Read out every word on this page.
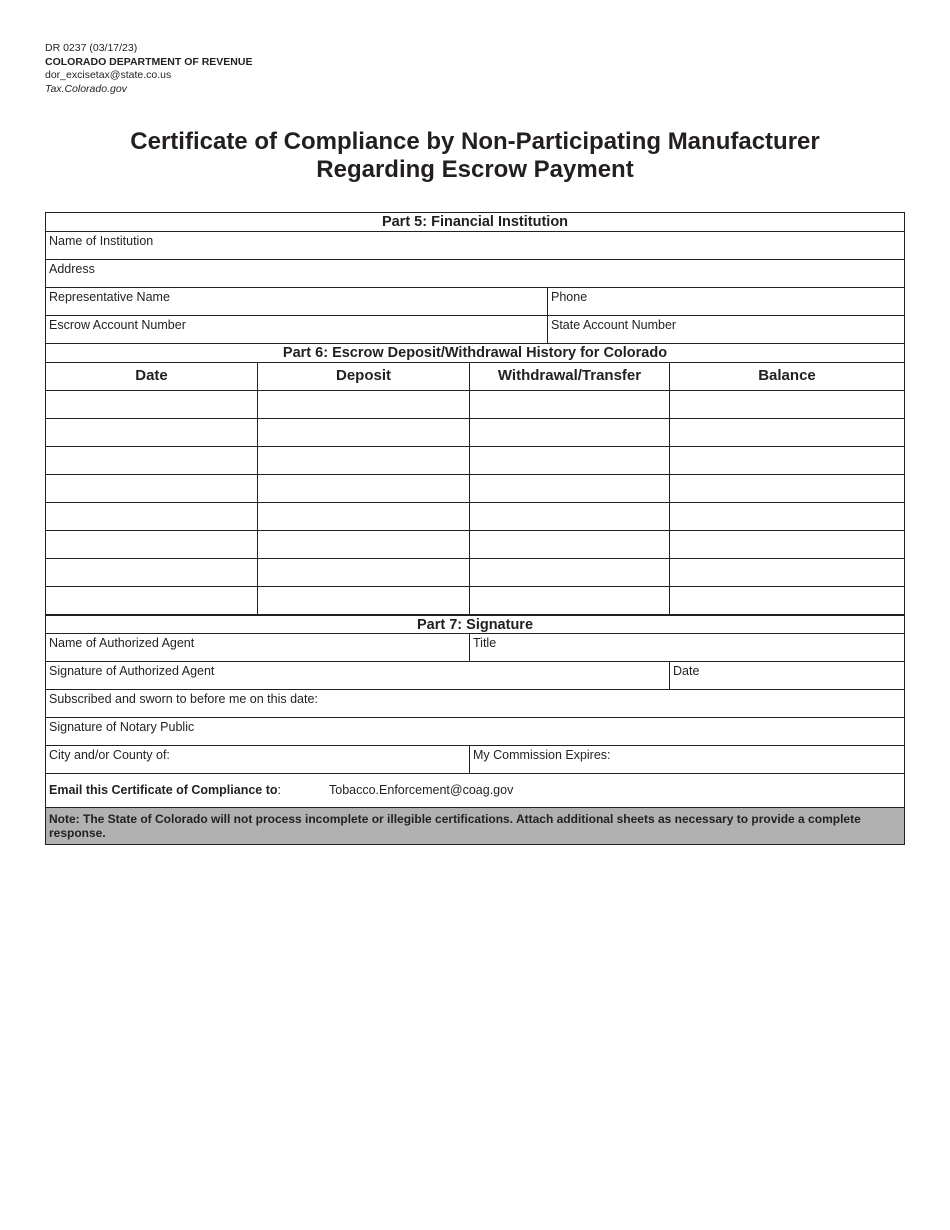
DR 0237 (03/17/23)
COLORADO DEPARTMENT OF REVENUE
dor_excisetax@state.co.us
Tax.Colorado.gov
Certificate of Compliance by Non-Participating Manufacturer
Regarding Escrow Payment
Part 5: Financial Institution
Name of Institution
Address
Representative Name	Phone
Escrow Account Number	State Account Number
Part 6: Escrow Deposit/Withdrawal History for Colorado
Date	Deposit	Withdrawal/Transfer	Balance
Part 7: Signature
Name of Authorized Agent	Title
Signature of Authorized Agent	Date
Subscribed and sworn to before me on this date:
Signature of Notary Public
City and/or County of:	My Commission Expires:
Email this Certificate of Compliance to:	Tobacco.Enforcement@coag.gov
Note: The State of Colorado will not process incomplete or illegible certifications. Attach additional sheets as necessary to provide a complete response.
